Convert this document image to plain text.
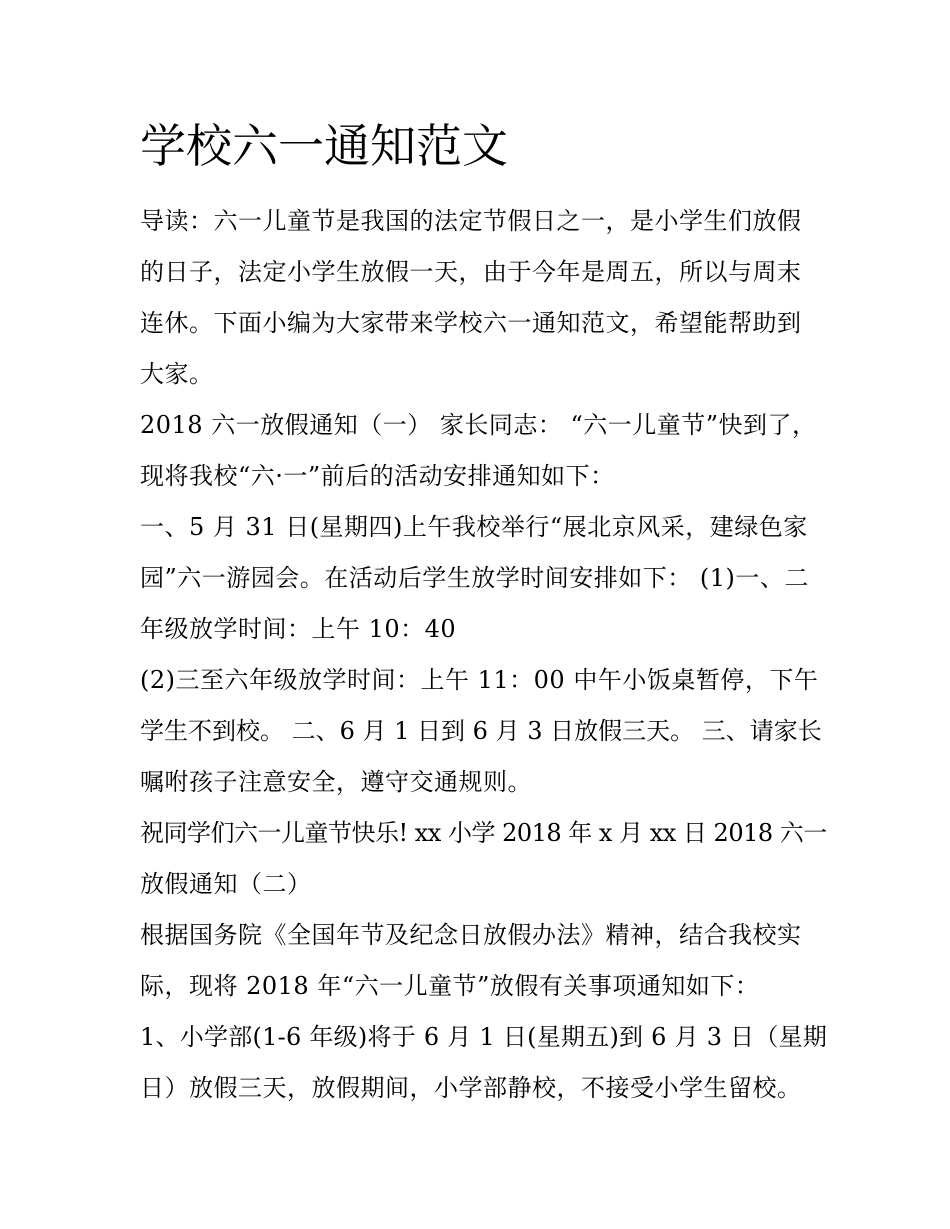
学校六一通知范文
导读：六一儿童节是我国的法定节假日之一，是小学生们放假
的日子，法定小学生放假一天，由于今年是周五，所以与周末
连休。下面小编为大家带来学校六一通知范文，希望能帮助到
大家。
2018 六一放假通知（一） 家长同志： “六一儿童节”快到了，
现将我校“六·一”前后的活动安排通知如下：
一、5 月 31 日(星期四)上午我校举行“展北京风采，建绿色家
园”六一游园会。在活动后学生放学时间安排如下： (1)一、二
年级放学时间：上午 10：40
(2)三至六年级放学时间：上午 11：00 中午小饭桌暂停，下午
学生不到校。 二、6 月 1 日到 6 月 3 日放假三天。 三、请家长
嘱咐孩子注意安全，遵守交通规则。
祝同学们六一儿童节快乐! xx 小学 2018 年 x 月 xx 日 2018 六一
放假通知（二）
根据国务院《全国年节及纪念日放假办法》精神，结合我校实
际，现将 2018 年“六一儿童节”放假有关事项通知如下：
1、小学部(1-6 年级)将于 6 月 1 日(星期五)到 6 月 3 日（星期
日）放假三天，放假期间，小学部静校，不接受小学生留校。
